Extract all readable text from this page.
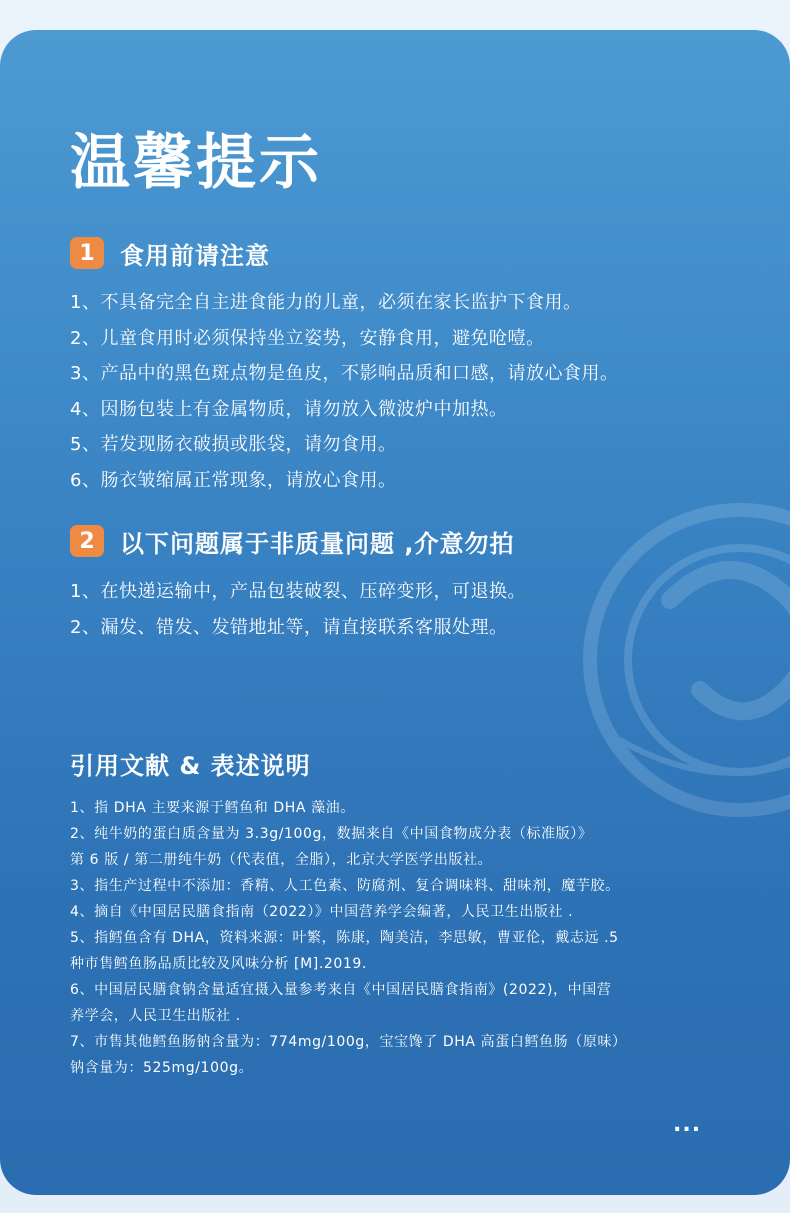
温馨提示
1	食用前请注意
1、不具备完全自主进食能力的儿童，必须在家长监护下食用。
2、儿童食用时必须保持坐立姿势，安静食用，避免呛噎。
3、产品中的黑色斑点物是鱼皮，不影响品质和口感，请放心食用。
4、因肠包装上有金属物质，请勿放入微波炉中加热。
5、若发现肠衣破损或胀袋，请勿食用。
6、肠衣皱缩属正常现象，请放心食用。
2	以下问题属于非质量问题 ,介意勿拍
1、在快递运输中，产品包装破裂、压碎变形，可退换。
2、漏发、错发、发错地址等，请直接联系客服处理。
引用文献 & 表述说明
1、指 DHA 主要来源于鳕鱼和 DHA 藻油。
2、纯牛奶的蛋白质含量为 3.3g/100g，数据来自《中国食物成分表（标准版）》
第 6 版 / 第二册纯牛奶（代表值，全脂），北京大学医学出版社。
3、指生产过程中不添加：香精、人工色素、防腐剂、复合调味料、甜味剂，魔芋胶。
4、摘自《中国居民膳食指南（2022）》中国营养学会编著，人民卫生出版社 .
5、指鳕鱼含有 DHA，资料来源：叶繁，陈康，陶美洁，李思敏，曹亚伦，戴志远 .5
种市售鳕鱼肠品质比较及风味分析 [M].2019.
6、中国居民膳食钠含量适宜摄入量参考来自《中国居民膳食指南》(2022)，中国营
养学会，人民卫生出版社 .
7、市售其他鳕鱼肠钠含量为：774mg/100g，宝宝馋了 DHA 高蛋白鳕鱼肠（原味）
钠含量为：525mg/100g。
...
